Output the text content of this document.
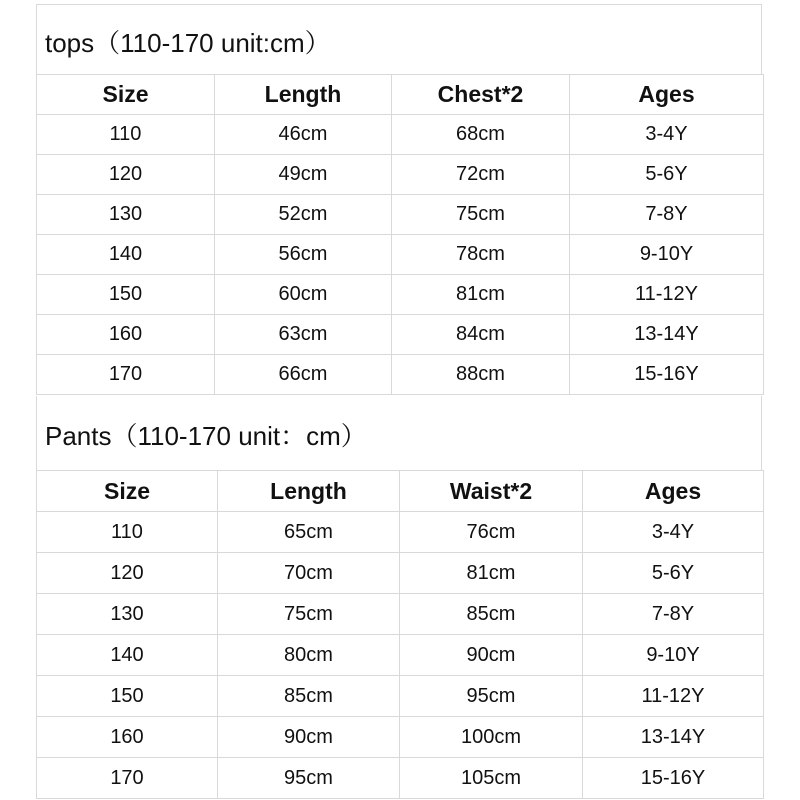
tops（110-170 unit:cm）
Size	Length	Chest*2	Ages
110	46cm	68cm	3-4Y
120	49cm	72cm	5-6Y
130	52cm	75cm	7-8Y
140	56cm	78cm	9-10Y
150	60cm	81cm	11-12Y
160	63cm	84cm	13-14Y
170	66cm	88cm	15-16Y
Pants（110-170 unit：cm）
Size	Length	Waist*2	Ages
110	65cm	76cm	3-4Y
120	70cm	81cm	5-6Y
130	75cm	85cm	7-8Y
140	80cm	90cm	9-10Y
150	85cm	95cm	11-12Y
160	90cm	100cm	13-14Y
170	95cm	105cm	15-16Y
